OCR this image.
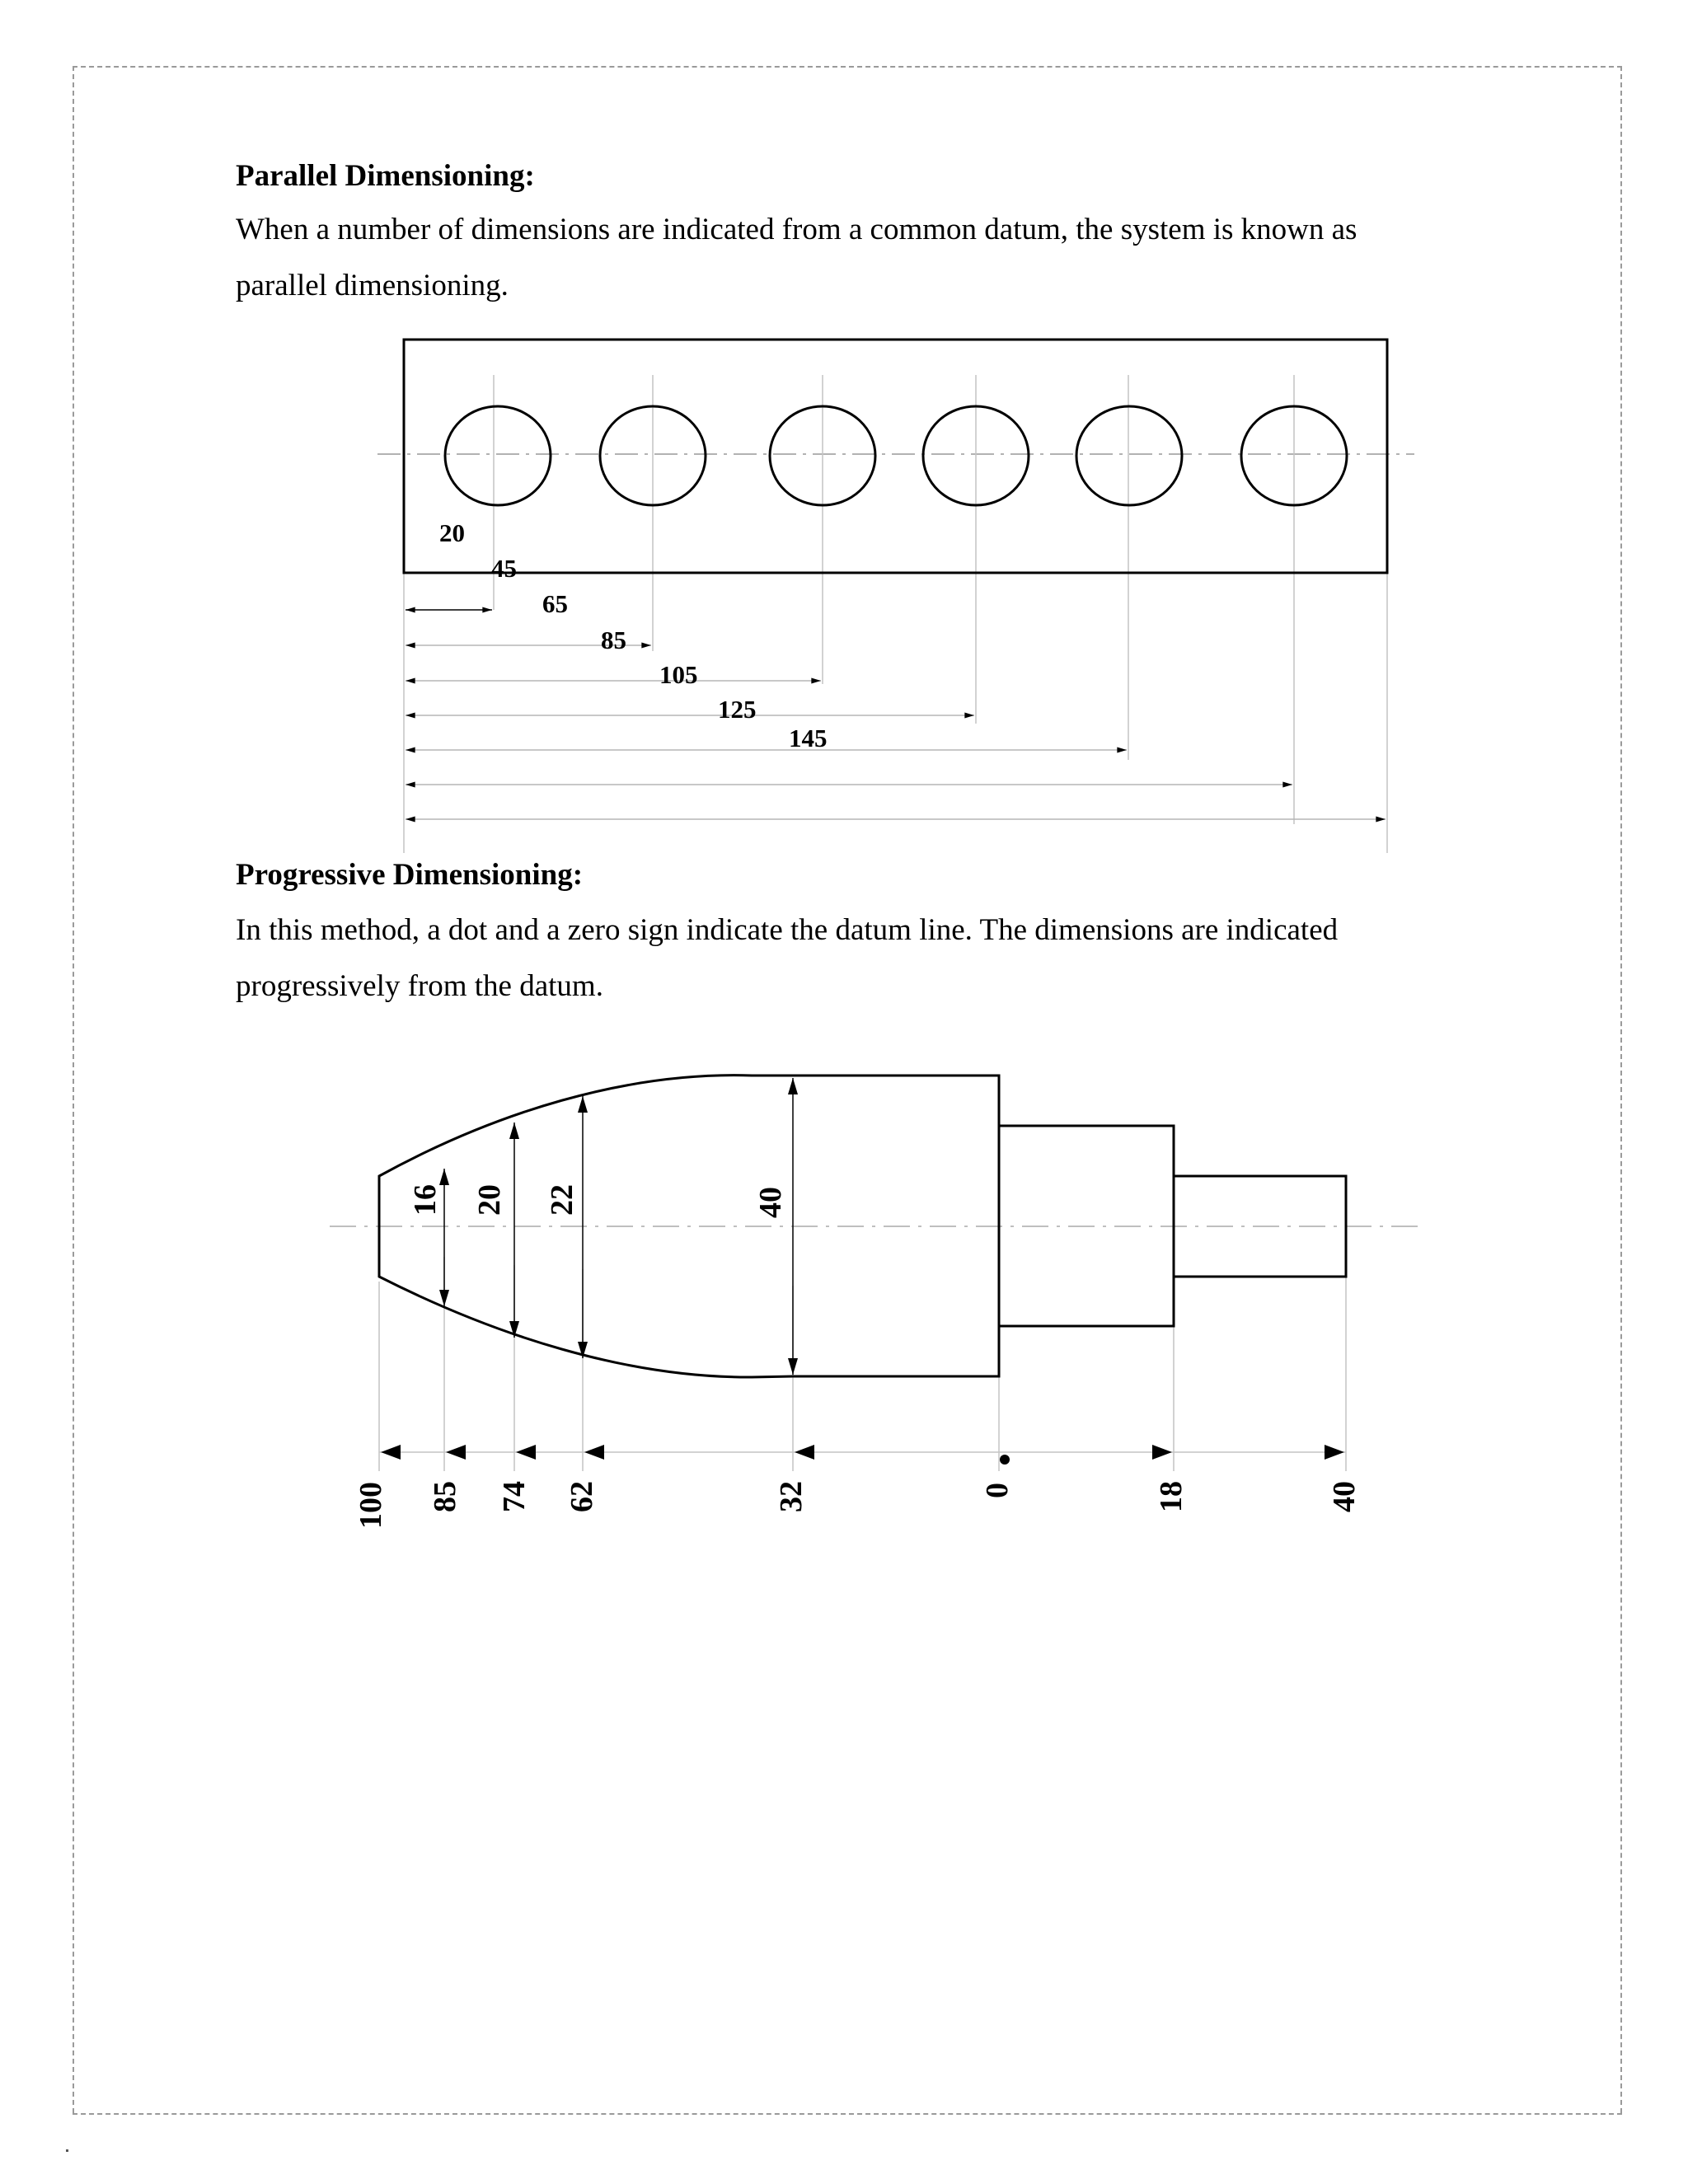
Parallel Dimensioning:

When a number of dimensions are indicated from a common datum, the system is known as parallel dimensioning.

Progressive Dimensioning:

In this method, a dot and a zero sign indicate the datum line. The dimensions are indicated progressively from the datum.

20
45
65
85
105
125
145
16 20 22	40
100 85 74 62	32	0	18	40
